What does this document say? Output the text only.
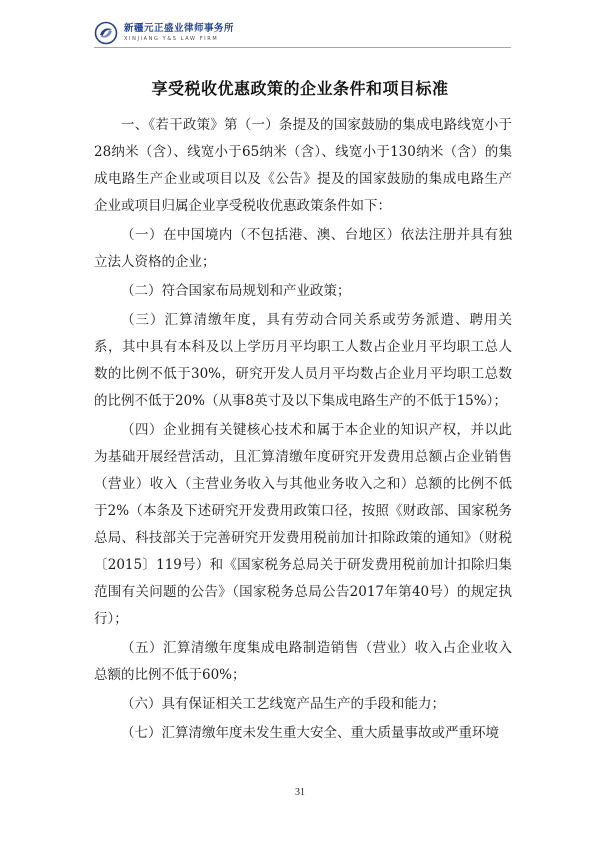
新疆元正盛业律师事务所
XINJIANG Y&S LAW FIRM
享受税收优惠政策的企业条件和项目标准

一、《若干政策》第（一）条提及的国家鼓励的集成电路线宽小于28纳米（含）、线宽小于65纳米（含）、线宽小于130纳米（含）的集成电路生产企业或项目以及《公告》提及的国家鼓励的集成电路生产企业或项目归属企业享受税收优惠政策条件如下：

（一）在中国境内（不包括港、澳、台地区）依法注册并具有独立法人资格的企业；

（二）符合国家布局规划和产业政策；

（三）汇算清缴年度，具有劳动合同关系或劳务派遣、聘用关系，其中具有本科及以上学历月平均职工人数占企业月平均职工总人数的比例不低于30%，研究开发人员月平均数占企业月平均职工总数的比例不低于20%（从事8英寸及以下集成电路生产的不低于15%）；

（四）企业拥有关键核心技术和属于本企业的知识产权，并以此为基础开展经营活动，且汇算清缴年度研究开发费用总额占企业销售（营业）收入（主营业务收入与其他业务收入之和）总额的比例不低于2%（本条及下述研究开发费用政策口径，按照《财政部、国家税务总局、科技部关于完善研究开发费用税前加计扣除政策的通知》（财税〔2015〕119号）和《国家税务总局关于研发费用税前加计扣除归集范围有关问题的公告》（国家税务总局公告2017年第40号）的规定执行）；

（五）汇算清缴年度集成电路制造销售（营业）收入占企业收入总额的比例不低于60%；

（六）具有保证相关工艺线宽产品生产的手段和能力；

（七）汇算清缴年度未发生重大安全、重大质量事故或严重环境

31
